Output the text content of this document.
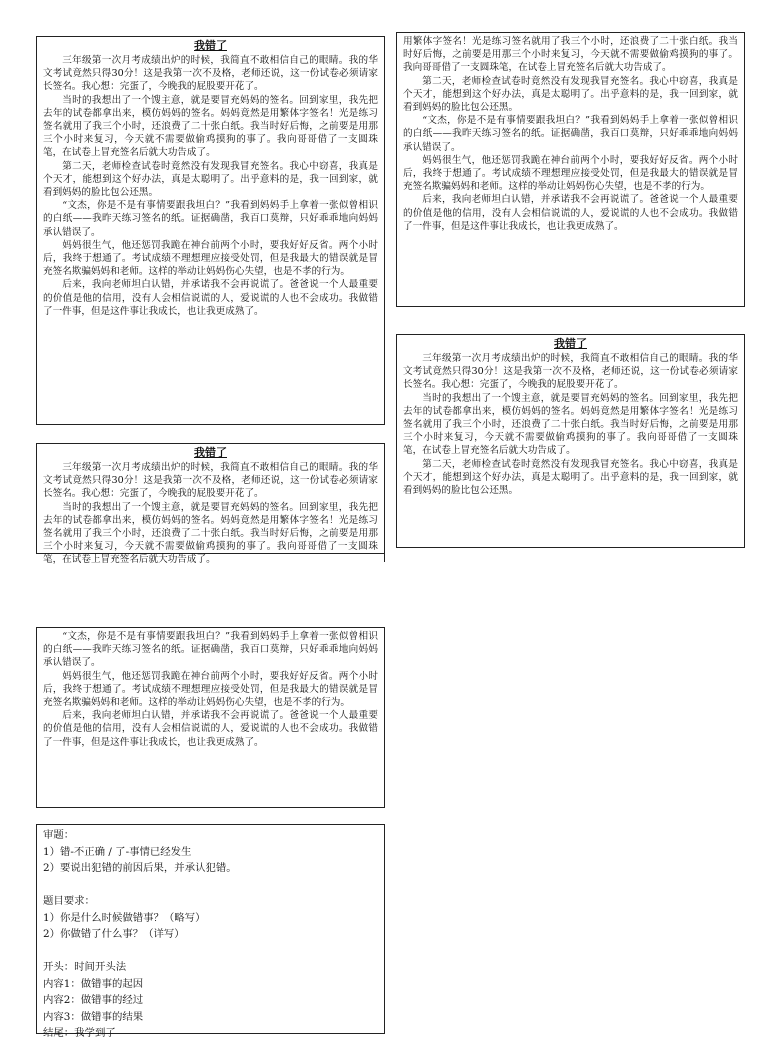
我错了

三年级第一次月考成绩出炉的时候，我简直不敢相信自己的眼睛。我的华文考试竟然只得30分！这是我第一次不及格，老师还说，这一份试卷必须请家长签名。我心想：完蛋了，今晚我的屁股要开花了。

当时的我想出了一个馊主意，就是要冒充妈妈的签名。回到家里，我先把去年的试卷都拿出来，模仿妈妈的签名。妈妈竟然是用繁体字签名！光是练习签名就用了我三个小时，还浪费了二十张白纸。我当时好后悔，之前要是用那三个小时来复习，今天就不需要做偷鸡摸狗的事了。我向哥哥借了一支圆珠笔，在试卷上冒充签名后就大功告成了。

第二天，老师检查试卷时竟然没有发现我冒充签名。我心中窃喜，我真是个天才，能想到这个好办法，真是太聪明了。出乎意料的是，我一回到家，就看到妈妈的脸比包公还黑。

“文杰，你是不是有事情要跟我坦白？”我看到妈妈手上拿着一张似曾相识的白纸——我昨天练习签名的纸。证据确凿，我百口莫辩，只好乖乖地向妈妈承认错误了。

妈妈很生气，他还惩罚我跪在神台前两个小时，要我好好反省。两个小时后，我终于想通了。考试成绩不理想理应接受处罚，但是我最大的错误就是冒充签名欺骗妈妈和老师。这样的举动让妈妈伤心失望，也是不孝的行为。

后来，我向老师坦白认错，并承诺我不会再说谎了。爸爸说一个人最重要的价值是他的信用，没有人会相信说谎的人，爱说谎的人也不会成功。我做错了一件事，但是这件事让我成长，也让我更成熟了。

我错了

三年级第一次月考成绩出炉的时候，我简直不敢相信自己的眼睛。我的华文考试竟然只得30分！这是我第一次不及格，老师还说，这一份试卷必须请家长签名。我心想：完蛋了，今晚我的屁股要开花了。

当时的我想出了一个馊主意，就是要冒充妈妈的签名。回到家里，我先把去年的试卷都拿出来，模仿妈妈的签名。妈妈竟然是用繁体字签名！光是练习签名就用了我三个小时，还浪费了二十张白纸。我当时好后悔，之前要是用那三个小时来复习，今天就不需要做偷鸡摸狗的事了。我向哥哥借了一支圆珠笔，在试卷上冒充签名后就大功告成了。

用繁体字签名！光是练习签名就用了我三个小时，还浪费了二十张白纸。我当时好后悔，之前要是用那三个小时来复习，今天就不需要做偷鸡摸狗的事了。我向哥哥借了一支圆珠笔，在试卷上冒充签名后就大功告成了。

第二天，老师检查试卷时竟然没有发现我冒充签名。我心中窃喜，我真是个天才，能想到这个好办法，真是太聪明了。出乎意料的是，我一回到家，就看到妈妈的脸比包公还黑。

“文杰，你是不是有事情要跟我坦白？”我看到妈妈手上拿着一张似曾相识的白纸——我昨天练习签名的纸。证据确凿，我百口莫辩，只好乖乖地向妈妈承认错误了。

妈妈很生气，他还惩罚我跪在神台前两个小时，要我好好反省。两个小时后，我终于想通了。考试成绩不理想理应接受处罚，但是我最大的错误就是冒充签名欺骗妈妈和老师。这样的举动让妈妈伤心失望，也是不孝的行为。

后来，我向老师坦白认错，并承诺我不会再说谎了。爸爸说一个人最重要的价值是他的信用，没有人会相信说谎的人，爱说谎的人也不会成功。我做错了一件事，但是这件事让我成长，也让我更成熟了。

我错了

三年级第一次月考成绩出炉的时候，我简直不敢相信自己的眼睛。我的华文考试竟然只得30分！这是我第一次不及格，老师还说，这一份试卷必须请家长签名。我心想：完蛋了，今晚我的屁股要开花了。

当时的我想出了一个馊主意，就是要冒充妈妈的签名。回到家里，我先把去年的试卷都拿出来，模仿妈妈的签名。妈妈竟然是用繁体字签名！光是练习签名就用了我三个小时，还浪费了二十张白纸。我当时好后悔，之前要是用那三个小时来复习，今天就不需要做偷鸡摸狗的事了。我向哥哥借了一支圆珠笔，在试卷上冒充签名后就大功告成了。

第二天，老师检查试卷时竟然没有发现我冒充签名。我心中窃喜，我真是个天才，能想到这个好办法，真是太聪明了。出乎意料的是，我一回到家，就看到妈妈的脸比包公还黑。

“文杰，你是不是有事情要跟我坦白？”我看到妈妈手上拿着一张似曾相识的白纸——我昨天练习签名的纸。证据确凿，我百口莫辩，只好乖乖地向妈妈承认错误了。

妈妈很生气，他还惩罚我跪在神台前两个小时，要我好好反省。两个小时后，我终于想通了。考试成绩不理想理应接受处罚，但是我最大的错误就是冒充签名欺骗妈妈和老师。这样的举动让妈妈伤心失望，也是不孝的行为。

后来，我向老师坦白认错，并承诺我不会再说谎了。爸爸说一个人最重要的价值是他的信用，没有人会相信说谎的人，爱说谎的人也不会成功。我做错了一件事，但是这件事让我成长，也让我更成熟了。

审题：
1）错-不正确 / 了-事情已经发生
2）要说出犯错的前因后果，并承认犯错。
题目要求：
1）你是什么时候做错事？（略写）
2）你做错了什么事？（详写）
开头：时间开头法
内容1：做错事的起因
内容2：做错事的经过
内容3：做错事的结果
结尾：我学到了
